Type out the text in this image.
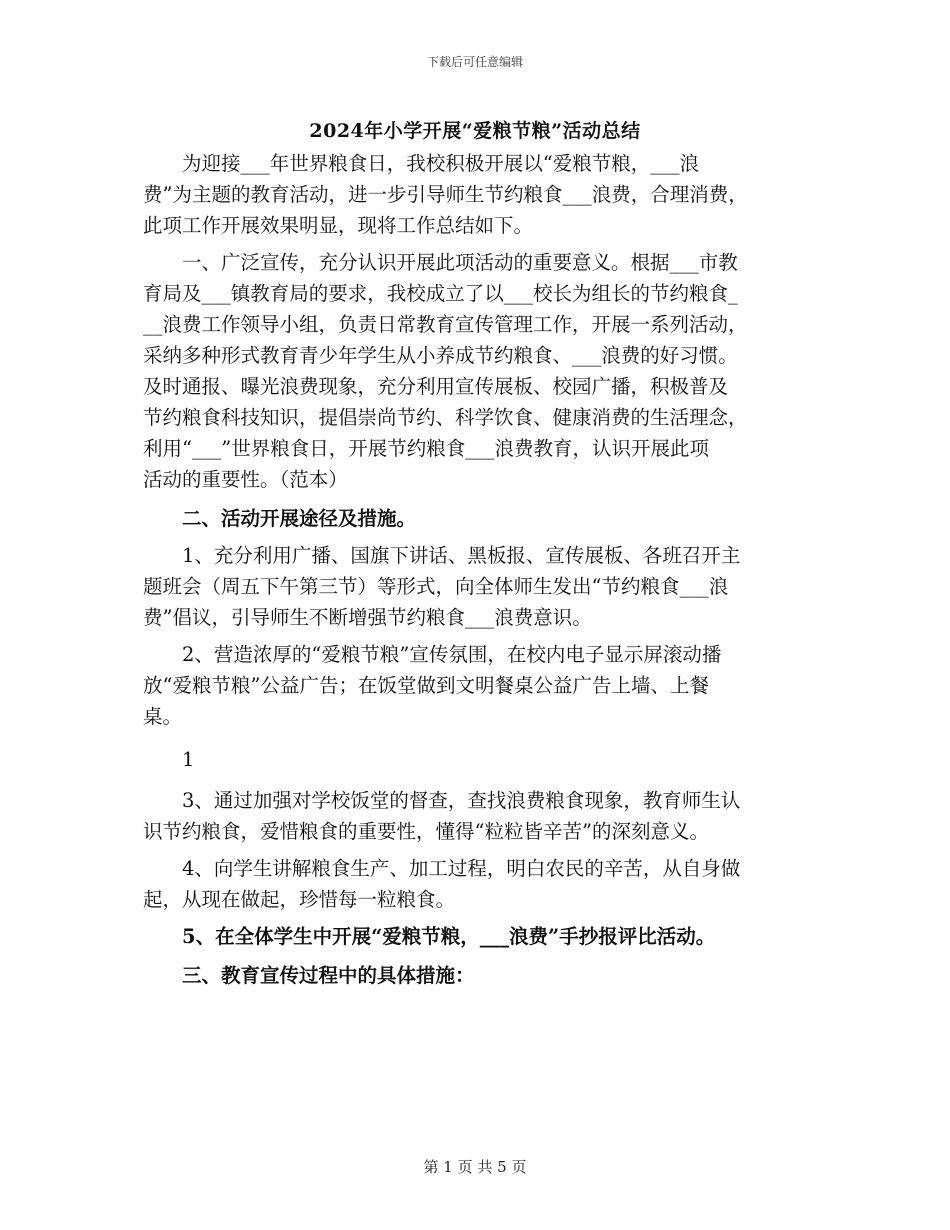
下载后可任意编辑
2024年小学开展“爱粮节粮”活动总结
为迎接___年世界粮食日，我校积极开展以“爱粮节粮，___浪
费”为主题的教育活动，进一步引导师生节约粮食___浪费，合理消费，
此项工作开展效果明显，现将工作总结如下。
一、广泛宣传，充分认识开展此项活动的重要意义。根据___市教
育局及___镇教育局的要求，我校成立了以___校长为组长的节约粮食_
__浪费工作领导小组，负责日常教育宣传管理工作，开展一系列活动，
采纳多种形式教育青少年学生从小养成节约粮食、___浪费的好习惯。
及时通报、曝光浪费现象，充分利用宣传展板、校园广播，积极普及
节约粮食科技知识，提倡崇尚节约、科学饮食、健康消费的生活理念，
利用“___”世界粮食日，开展节约粮食___浪费教育，认识开展此项
活动的重要性。（范本）
二、活动开展途径及措施。
1、充分利用广播、国旗下讲话、黑板报、宣传展板、各班召开主
题班会（周五下午第三节）等形式，向全体师生发出“节约粮食___浪
费”倡议，引导师生不断增强节约粮食___浪费意识。
2、营造浓厚的“爱粮节粮”宣传氛围，在校内电子显示屏滚动播
放“爱粮节粮”公益广告；在饭堂做到文明餐桌公益广告上墙、上餐
桌。
1
3、通过加强对学校饭堂的督查，查找浪费粮食现象，教育师生认
识节约粮食，爱惜粮食的重要性，懂得“粒粒皆辛苦”的深刻意义。
4、向学生讲解粮食生产、加工过程，明白农民的辛苦，从自身做
起，从现在做起，珍惜每一粒粮食。
5、在全体学生中开展“爱粮节粮，___浪费”手抄报评比活动。
三、教育宣传过程中的具体措施：
第 1 页 共 5 页
